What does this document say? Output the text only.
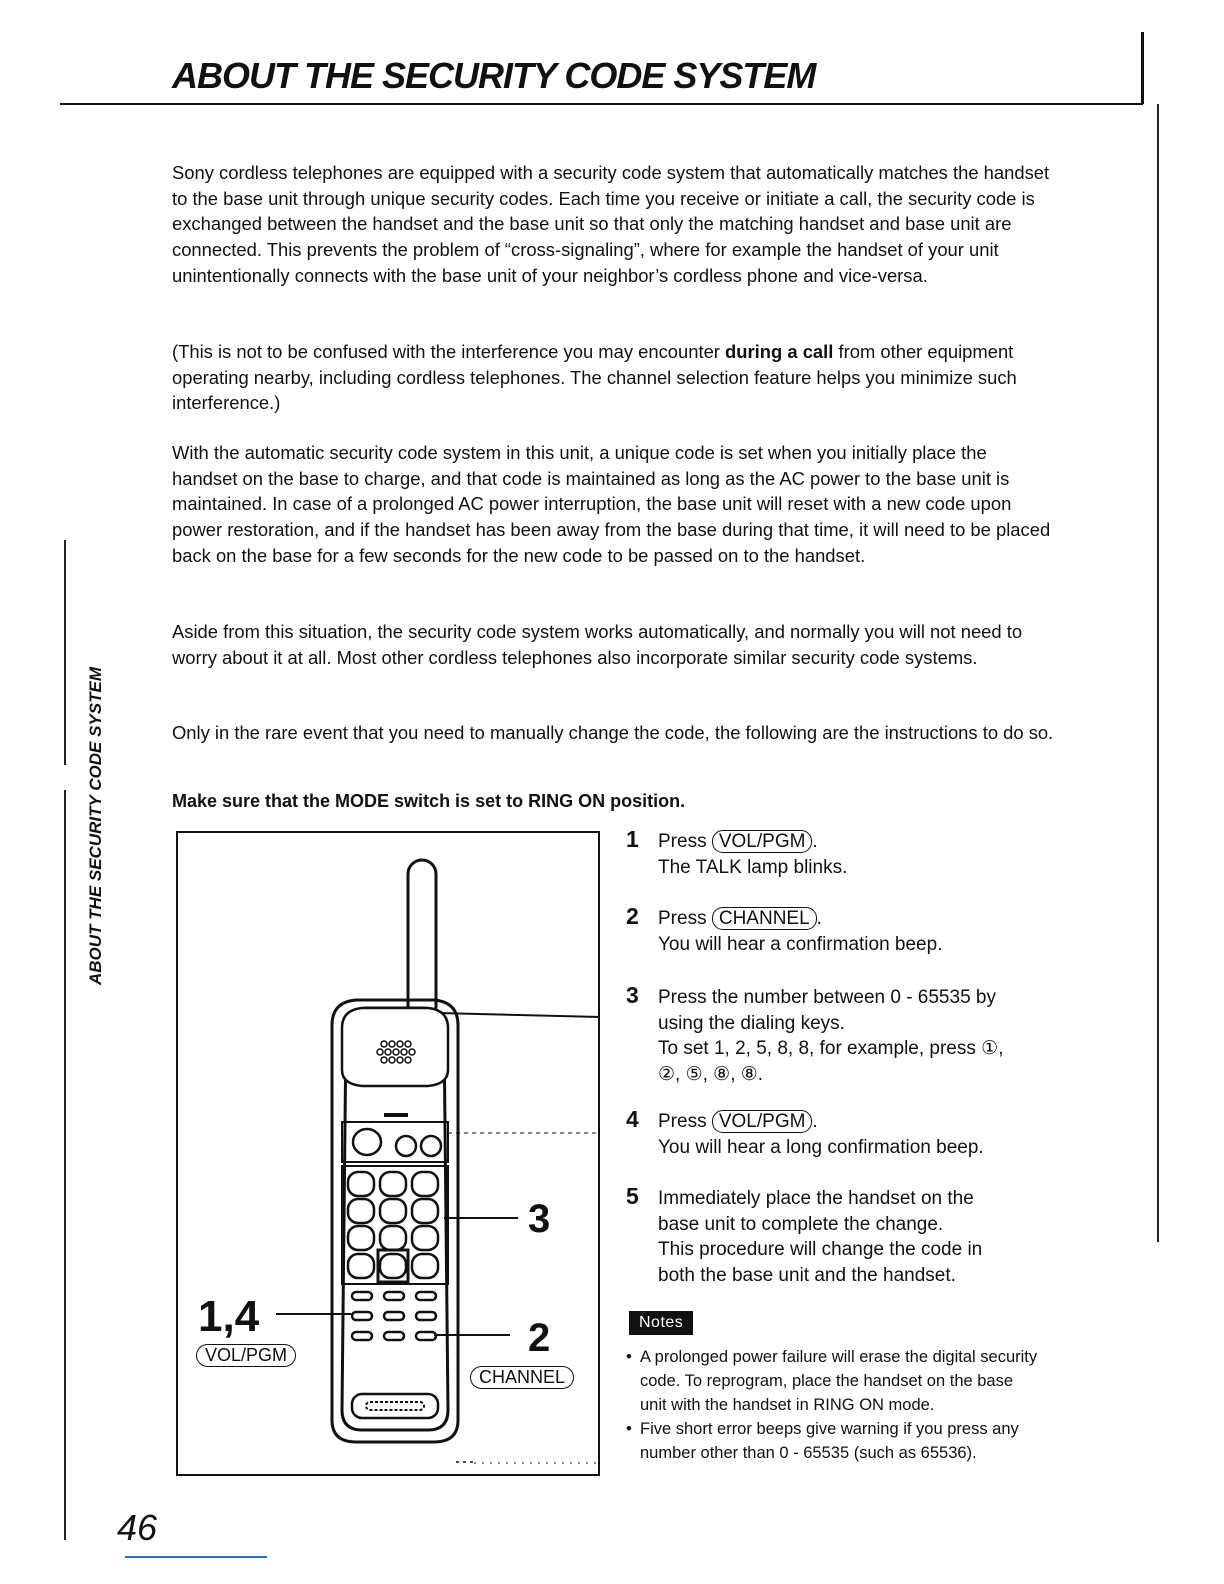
ABOUT THE SECURITY CODE SYSTEM
ABOUT THE SECURITY CODE SYSTEM

Sony cordless telephones are equipped with a security code system that automatically matches the handset to the base unit through unique security codes. Each time you receive or initiate a call, the security code is exchanged between the handset and the base unit so that only the matching handset and base unit are connected. This prevents the problem of “cross-signaling”, where for example the handset of your unit unintentionally connects with the base unit of your neighbor’s cordless phone and vice-versa.

(This is not to be confused with the interference you may encounter during a call from other equipment operating nearby, including cordless telephones. The channel selection feature helps you minimize such interference.)

With the automatic security code system in this unit, a unique code is set when you initially place the handset on the base to charge, and that code is maintained as long as the AC power to the base unit is maintained. In case of a prolonged AC power interruption, the base unit will reset with a new code upon power restoration, and if the handset has been away from the base during that time, it will need to be placed back on the base for a few seconds for the new code to be passed on to the handset.

Aside from this situation, the security code system works automatically, and normally you will not need to worry about it at all. Most other cordless telephones also incorporate similar security code systems.

Only in the rare event that you need to manually change the code, the following are the instructions to do so.

Make sure that the MODE switch is set to RING ON position.

1,4
3
2
VOL/PGM
CHANNEL
1 Press VOL/PGM .
The TALK lamp blinks.
2 Press CHANNEL .
You will hear a confirmation beep.
3 Press the number between 0 - 65535 by
using the dialing keys.
To set 1, 2, 5, 8, 8, for example, press ①,
②, ⑤, ⑧, ⑧.
4 Press VOL/PGM .
You will hear a long confirmation beep.
5 Immediately place the handset on the
base unit to complete the change.
This procedure will change the code in
both the base unit and the handset.
Notes
• A prolonged power failure will erase the digital security code. To reprogram, place the handset on the base unit with the handset in RING ON mode.
• Five short error beeps give warning if you press any number other than 0 - 65535 (such as 65536).

46
